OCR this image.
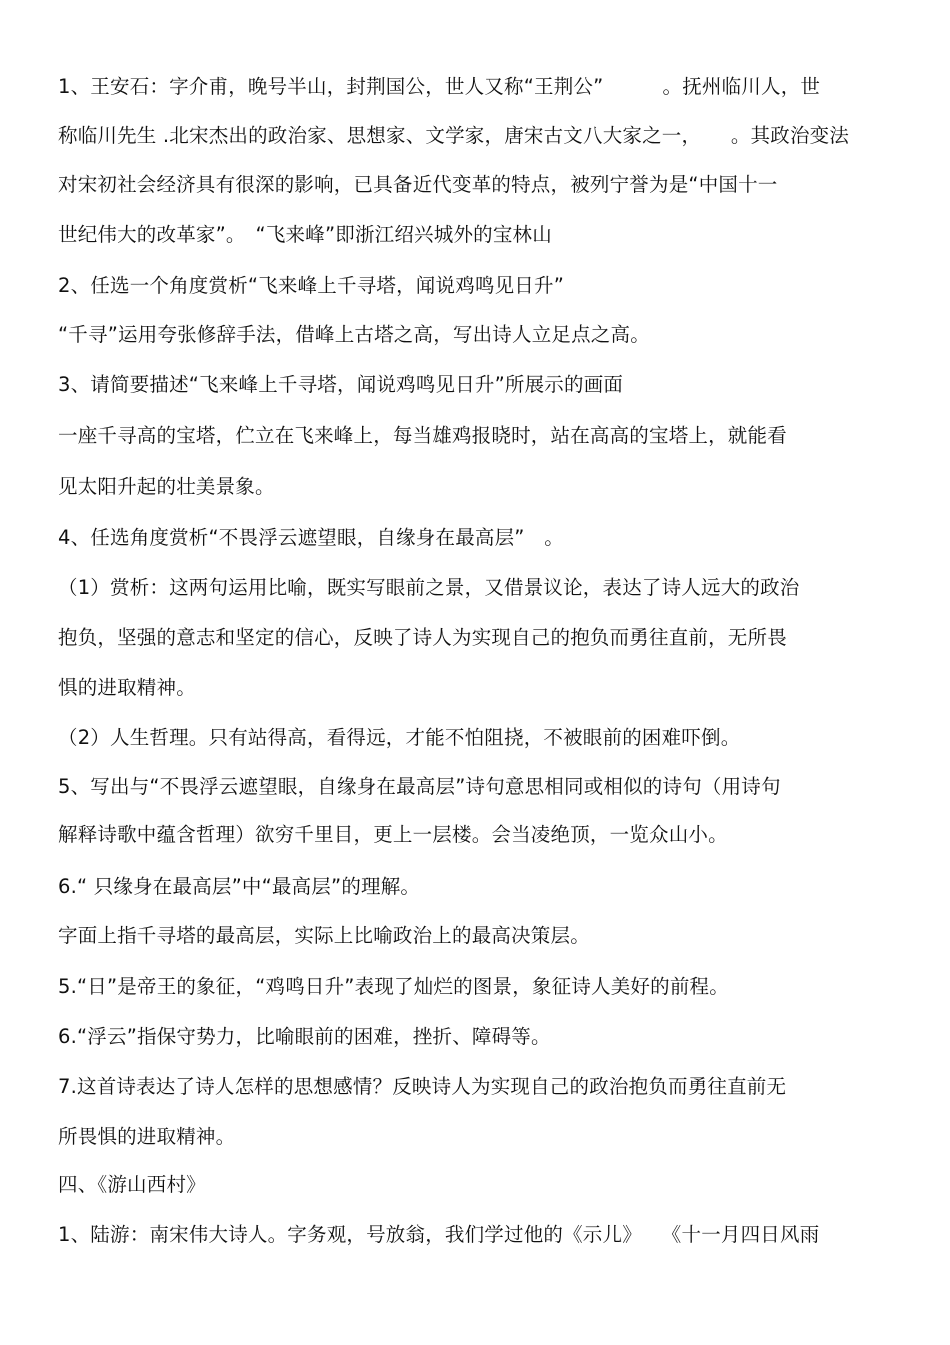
1、王安石：字介甫，晚号半山，封荆国公，世人又称“王荆公”　　　。抚州临川人，世
称临川先生 .北宋杰出的政治家、思想家、文学家，唐宋古文八大家之一，　　。其政治变法
对宋初社会经济具有很深的影响，已具备近代变革的特点，被列宁誉为是“中国十一
世纪伟大的改革家”。　“飞来峰”即浙江绍兴城外的宝林山
2、任选一个角度赏析“飞来峰上千寻塔，闻说鸡鸣见日升”
“千寻”运用夸张修辞手法，借峰上古塔之高，写出诗人立足点之高。
3、请简要描述“飞来峰上千寻塔，闻说鸡鸣见日升”所展示的画面
一座千寻高的宝塔，伫立在飞来峰上，每当雄鸡报晓时，站在高高的宝塔上，就能看
见太阳升起的壮美景象。
4、任选角度赏析“不畏浮云遮望眼，自缘身在最高层”　。
（1）赏析：这两句运用比喻，既实写眼前之景，又借景议论，表达了诗人远大的政治
抱负，坚强的意志和坚定的信心，反映了诗人为实现自己的抱负而勇往直前，无所畏
惧的进取精神。
（2）人生哲理。只有站得高，看得远，才能不怕阻挠，不被眼前的困难吓倒。
5、写出与“不畏浮云遮望眼，自缘身在最高层”诗句意思相同或相似的诗句（用诗句
解释诗歌中蕴含哲理）欲穷千里目，更上一层楼。会当凌绝顶，一览众山小。
6.“ 只缘身在最高层”中“最高层”的理解。
字面上指千寻塔的最高层，实际上比喻政治上的最高决策层。
5.“日”是帝王的象征，“鸡鸣日升”表现了灿烂的图景，象征诗人美好的前程。
6.“浮云”指保守势力，比喻眼前的困难，挫折、障碍等。
7.这首诗表达了诗人怎样的思想感情？反映诗人为实现自己的政治抱负而勇往直前无
所畏惧的进取精神。
四、《游山西村》
1、陆游：南宋伟大诗人。字务观，号放翁，我们学过他的《示儿》　　《十一月四日风雨
